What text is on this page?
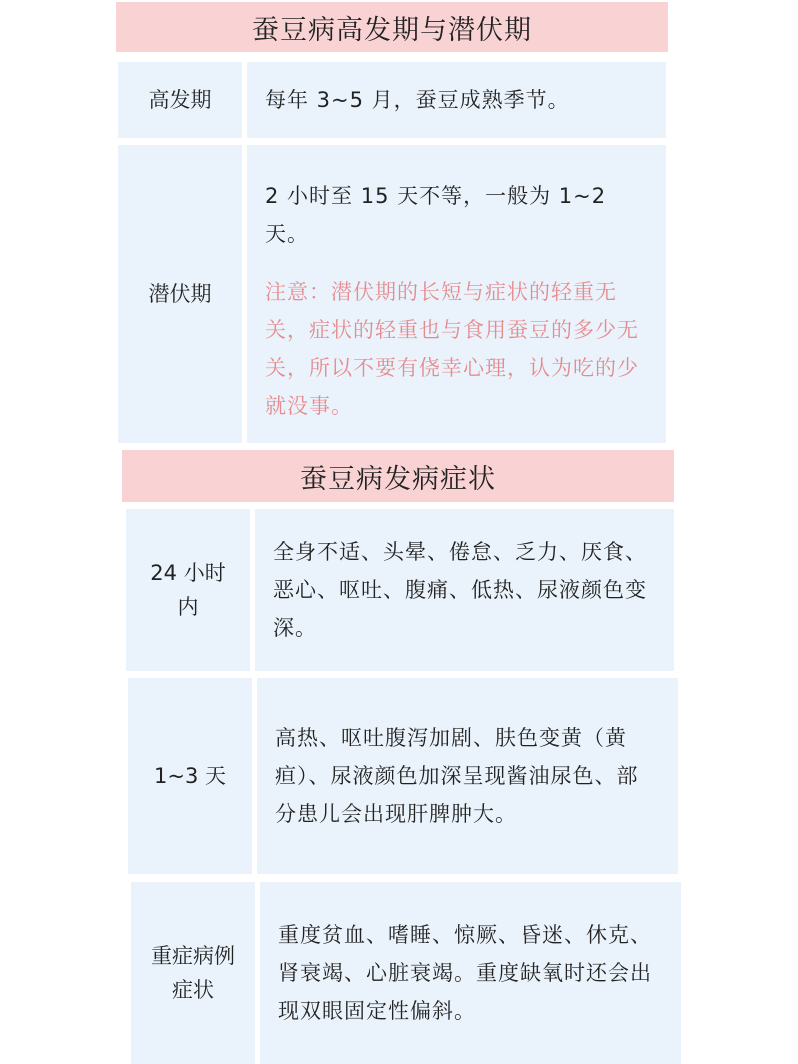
蚕豆病高发期与潜伏期
高发期	每年 3~5 月，蚕豆成熟季节。
潜伏期
2 小时至 15 天不等，一般为 1~2 天。
注意：潜伏期的长短与症状的轻重无关，症状的轻重也与食用蚕豆的多少无关，所以不要有侥幸心理，认为吃的少就没事。
蚕豆病发病症状
24 小时内
全身不适、头晕、倦怠、乏力、厌食、恶心、呕吐、腹痛、低热、尿液颜色变深。
1~3 天
高热、呕吐腹泻加剧、肤色变黄（黄疸）、尿液颜色加深呈现酱油尿色、部分患儿会出现肝脾肿大。
重症病例症状
重度贫血、嗜睡、惊厥、昏迷、休克、肾衰竭、心脏衰竭。重度缺氧时还会出现双眼固定性偏斜。
